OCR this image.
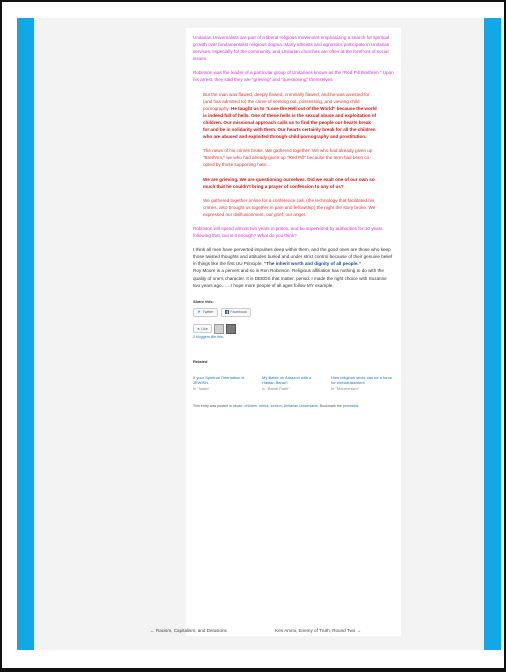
Unitarian Universalists are part of a liberal religious movement emphasizing a search for spiritual growth over fundamentalist religious dogma. Many atheists and agnostics participate in Unitarian services, especially for the community, and Unitarian churches are often at the forefront of social issues.

Robinson was the leader of a particular group of Unitarians known as the “Red Pill Brethren.” Upon his arrest, they said they are “grieving” and “questioning” themselves.

But the man was flawed, deeply flawed, criminally flawed, and he was arrested for (and has admitted to) the crime of seeking out, possessing, and viewing child pornography. He taught us to “Love the Hell out of the World” because the world is indeed full of hells. One of these hells is the sexual abuse and exploitation of children. Our missional approach calls us to find the people our hearts break for and be in solidarity with them. Our hearts certainly break for all the children who are abused and exploited through child pornography and prostitution.

The news of his crimes broke. We gathered together. We who had already given up “Brethren,” we who had already given up “Red Pill” because the term had been co-opted by those supporting hate…

We are grieving. We are questioning ourselves. Did we exalt one of our own so much that he couldn’t bring a prayer of confession to any of us?

We gathered together online for a conference call, (the technology that facilitated his crimes, also brought us together in pain and fellowship) the night the story broke. We expressed our disillusionment, our grief, our anger.

Robinson will spend almost two years in prison, and be supervised by authorities for 10 years following that, but is it enough? What do you think?

I think all men have perverted impulses deep within them, and the good ones are those who keep those twisted thoughts and attitudes buried and under strict control because of their genuine belief in things like the first UU Principle: “The inherit worth and dignity of all people.”

Roy Moore is a pervert and so is Ron Robinson. Religious affiliation has nothing to do with the quality of one’s character. It is DEEDS that matter, period. I made the right choice with Suzanne two years ago……I hope more people of all ages follow MY example.

Share this:
Twitter	Facebook
★ Like
2 bloggers like this.
Related
If your Spiritual Orientation is JEWISH…
In "Islam"
My Battle on Amazon with a Haitian Bahai’i
In "Bahai Faith"
How religious sects can be a force for embarrassment
In "Mormonism"

This entry was posted in abuse, children, ethics, sexism, Unitarian Universalist. Bookmark the permalink.

← Racism, Capitalism, and Delusions	Ken Ammi, Enemy of Truth, Round Two →
